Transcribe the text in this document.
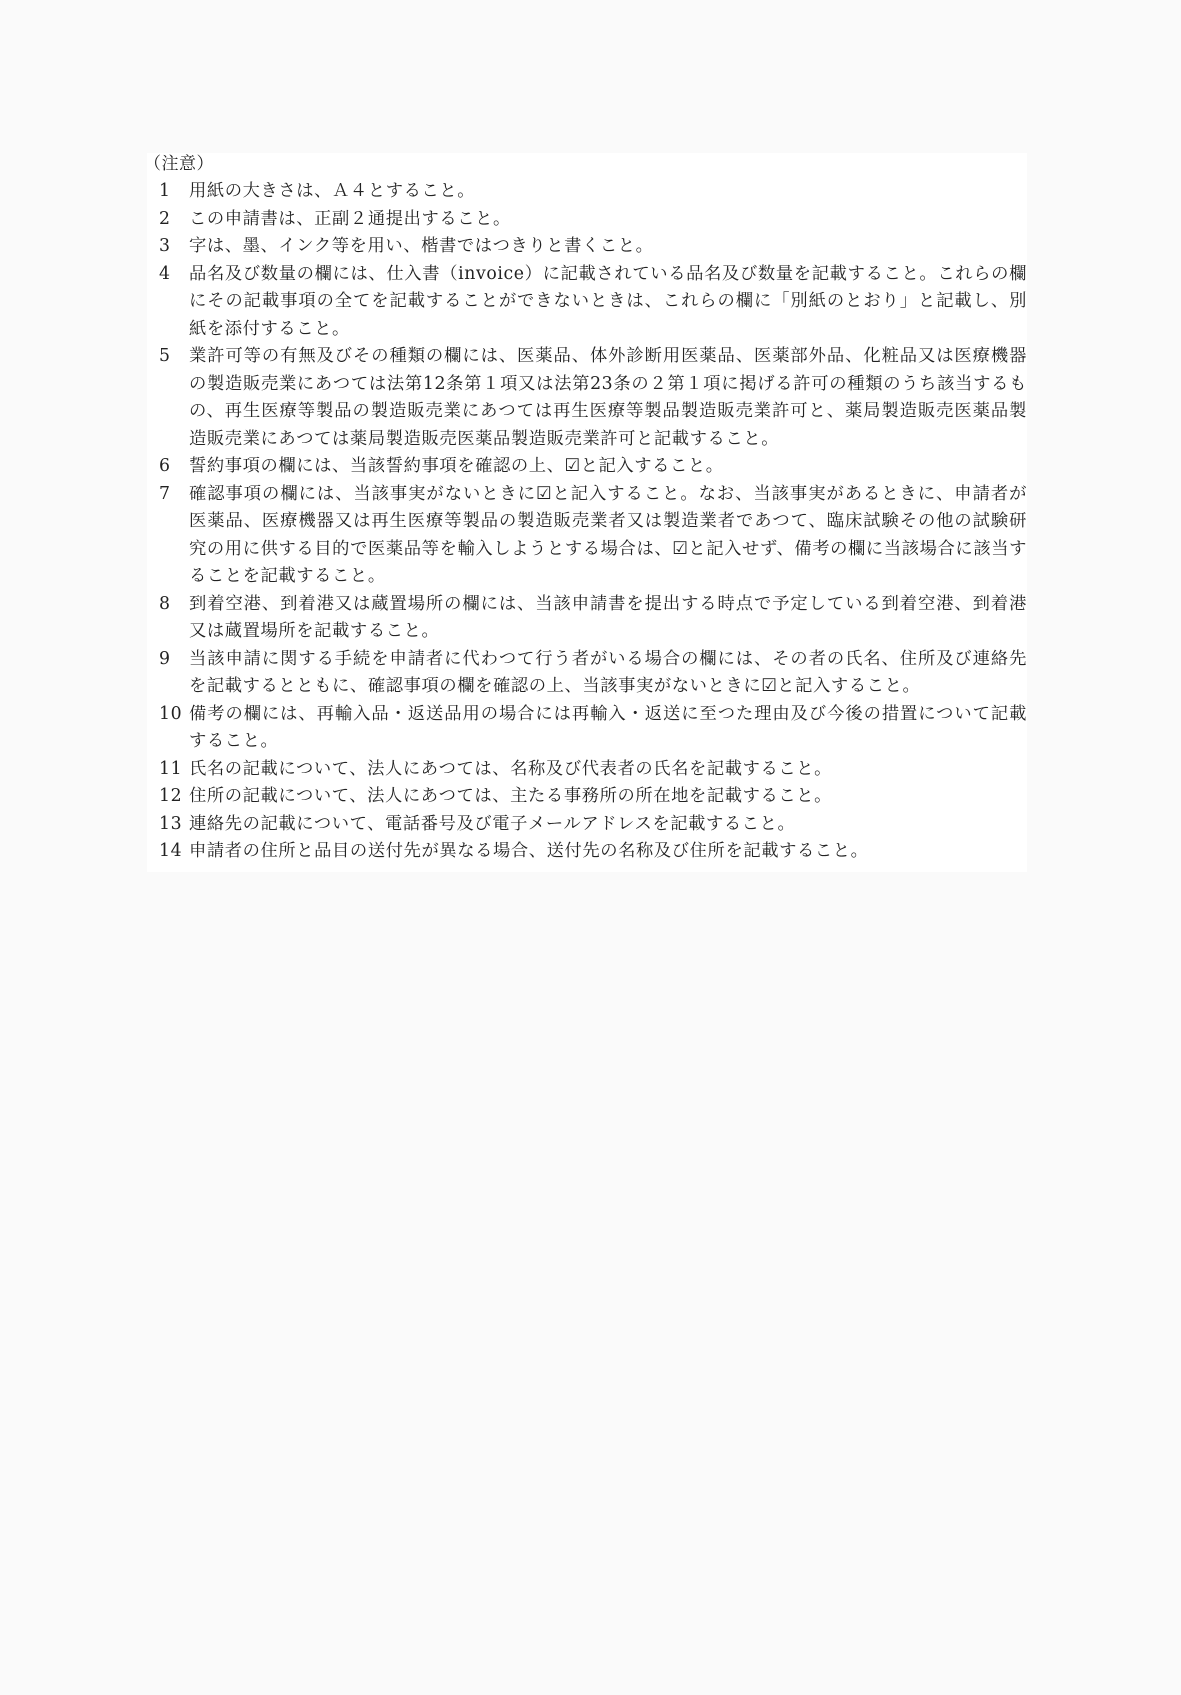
（注意）
1	用紙の大きさは、Ａ４とすること。
2	この申請書は、正副２通提出すること。
3	字は、墨、インク等を用い、楷書ではつきりと書くこと。
4	品名及び数量の欄には、仕入書（invoice）に記載されている品名及び数量を記載すること。これらの欄にその記載事項の全てを記載することができないときは、これらの欄に「別紙のとおり」と記載し、別紙を添付すること。
5	業許可等の有無及びその種類の欄には、医薬品、体外診断用医薬品、医薬部外品、化粧品又は医療機器の製造販売業にあつては法第12条第１項又は法第23条の２第１項に掲げる許可の種類のうち該当するもの、再生医療等製品の製造販売業にあつては再生医療等製品製造販売業許可と、薬局製造販売医薬品製造販売業にあつては薬局製造販売医薬品製造販売業許可と記載すること。
6	誓約事項の欄には、当該誓約事項を確認の上、☑と記入すること。
7	確認事項の欄には、当該事実がないときに☑と記入すること。なお、当該事実があるときに、申請者が医薬品、医療機器又は再生医療等製品の製造販売業者又は製造業者であつて、臨床試験その他の試験研究の用に供する目的で医薬品等を輸入しようとする場合は、☑と記入せず、備考の欄に当該場合に該当することを記載すること。
8	到着空港、到着港又は蔵置場所の欄には、当該申請書を提出する時点で予定している到着空港、到着港又は蔵置場所を記載すること。
9	当該申請に関する手続を申請者に代わつて行う者がいる場合の欄には、その者の氏名、住所及び連絡先を記載するとともに、確認事項の欄を確認の上、当該事実がないときに☑と記入すること。
10 備考の欄には、再輸入品・返送品用の場合には再輸入・返送に至つた理由及び今後の措置について記載すること。
11 氏名の記載について、法人にあつては、名称及び代表者の氏名を記載すること。
12 住所の記載について、法人にあつては、主たる事務所の所在地を記載すること。
13 連絡先の記載について、電話番号及び電子メールアドレスを記載すること。
14 申請者の住所と品目の送付先が異なる場合、送付先の名称及び住所を記載すること。
